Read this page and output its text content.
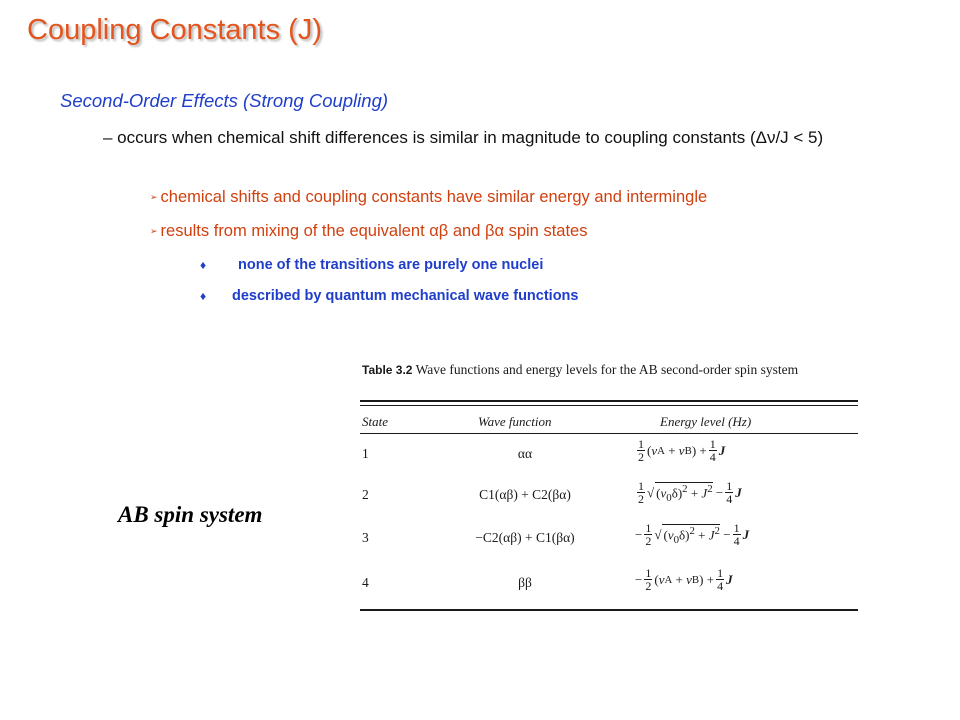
Coupling Constants (J)

Second-Order Effects (Strong Coupling)

– occurs when chemical shift differences is similar in magnitude to coupling constants (Δν/J < 5)

➢ chemical shifts and coupling constants have similar energy and intermingle
➢ results from mixing of the equivalent αβ and βα spin states
♦ none of the transitions are purely one nuclei
♦ described by quantum mechanical wave functions
AB spin system
Table 3.2 Wave functions and energy levels for the AB second-order spin system
State	Wave function	Energy level (Hz)
1	αα	$\frac{1}{2}$ ( ν A + ν B ) + $\frac{1}{4}$ J
2	C1(αβ) + C2(βα)	$\frac{1}{2}$ √ $(\nu_0\delta)^2 + J^2 - \frac{1}{4}$ J
3	−C2(αβ) + C1(βα)	− $\frac{1}{2}$ √ $(\nu_0\delta)^2 + J^2 - \frac{1}{4}$ J
4	ββ	− $\frac{1}{2}$ ( ν A + ν B ) + $\frac{1}{4}$ J
